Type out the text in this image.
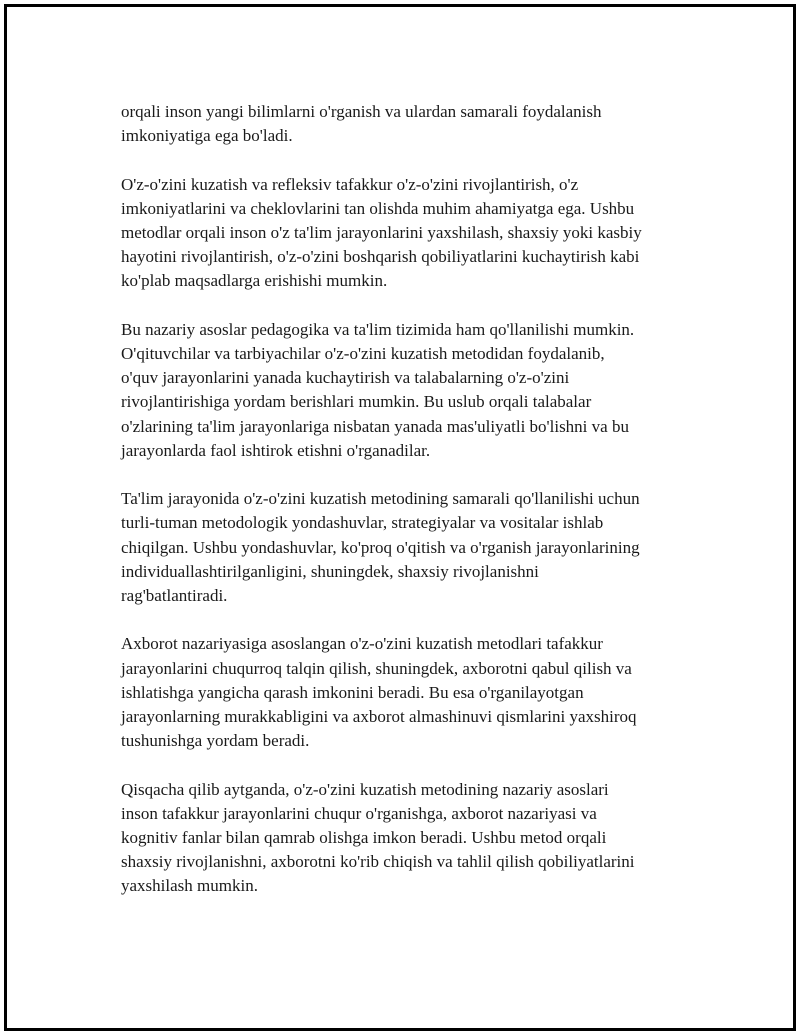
orqali inson yangi bilimlarni o'rganish va ulardan samarali foydalanish
imkoniyatiga ega bo'ladi.

O'z-o'zini kuzatish va refleksiv tafakkur o'z-o'zini rivojlantirish, o'z
imkoniyatlarini va cheklovlarini tan olishda muhim ahamiyatga ega. Ushbu
metodlar orqali inson o'z ta'lim jarayonlarini yaxshilash, shaxsiy yoki kasbiy
hayotini rivojlantirish, o'z-o'zini boshqarish qobiliyatlarini kuchaytirish kabi
ko'plab maqsadlarga erishishi mumkin.

Bu nazariy asoslar pedagogika va ta'lim tizimida ham qo'llanilishi mumkin.
O'qituvchilar va tarbiyachilar o'z-o'zini kuzatish metodidan foydalanib,
o'quv jarayonlarini yanada kuchaytirish va talabalarning o'z-o'zini
rivojlantirishiga yordam berishlari mumkin. Bu uslub orqali talabalar
o'zlarining ta'lim jarayonlariga nisbatan yanada mas'uliyatli bo'lishni va bu
jarayonlarda faol ishtirok etishni o'rganadilar.

Ta'lim jarayonida o'z-o'zini kuzatish metodining samarali qo'llanilishi uchun
turli-tuman metodologik yondashuvlar, strategiyalar va vositalar ishlab
chiqilgan. Ushbu yondashuvlar, ko'proq o'qitish va o'rganish jarayonlarining
individuallashtirilganligini, shuningdek, shaxsiy rivojlanishni
rag'batlantiradi.

Axborot nazariyasiga asoslangan o'z-o'zini kuzatish metodlari tafakkur
jarayonlarini chuqurroq talqin qilish, shuningdek, axborotni qabul qilish va
ishlatishga yangicha qarash imkonini beradi. Bu esa o'rganilayotgan
jarayonlarning murakkabligini va axborot almashinuvi qismlarini yaxshiroq
tushunishga yordam beradi.

Qisqacha qilib aytganda, o'z-o'zini kuzatish metodining nazariy asoslari
inson tafakkur jarayonlarini chuqur o'rganishga, axborot nazariyasi va
kognitiv fanlar bilan qamrab olishga imkon beradi. Ushbu metod orqali
shaxsiy rivojlanishni, axborotni ko'rib chiqish va tahlil qilish qobiliyatlarini
yaxshilash mumkin.
